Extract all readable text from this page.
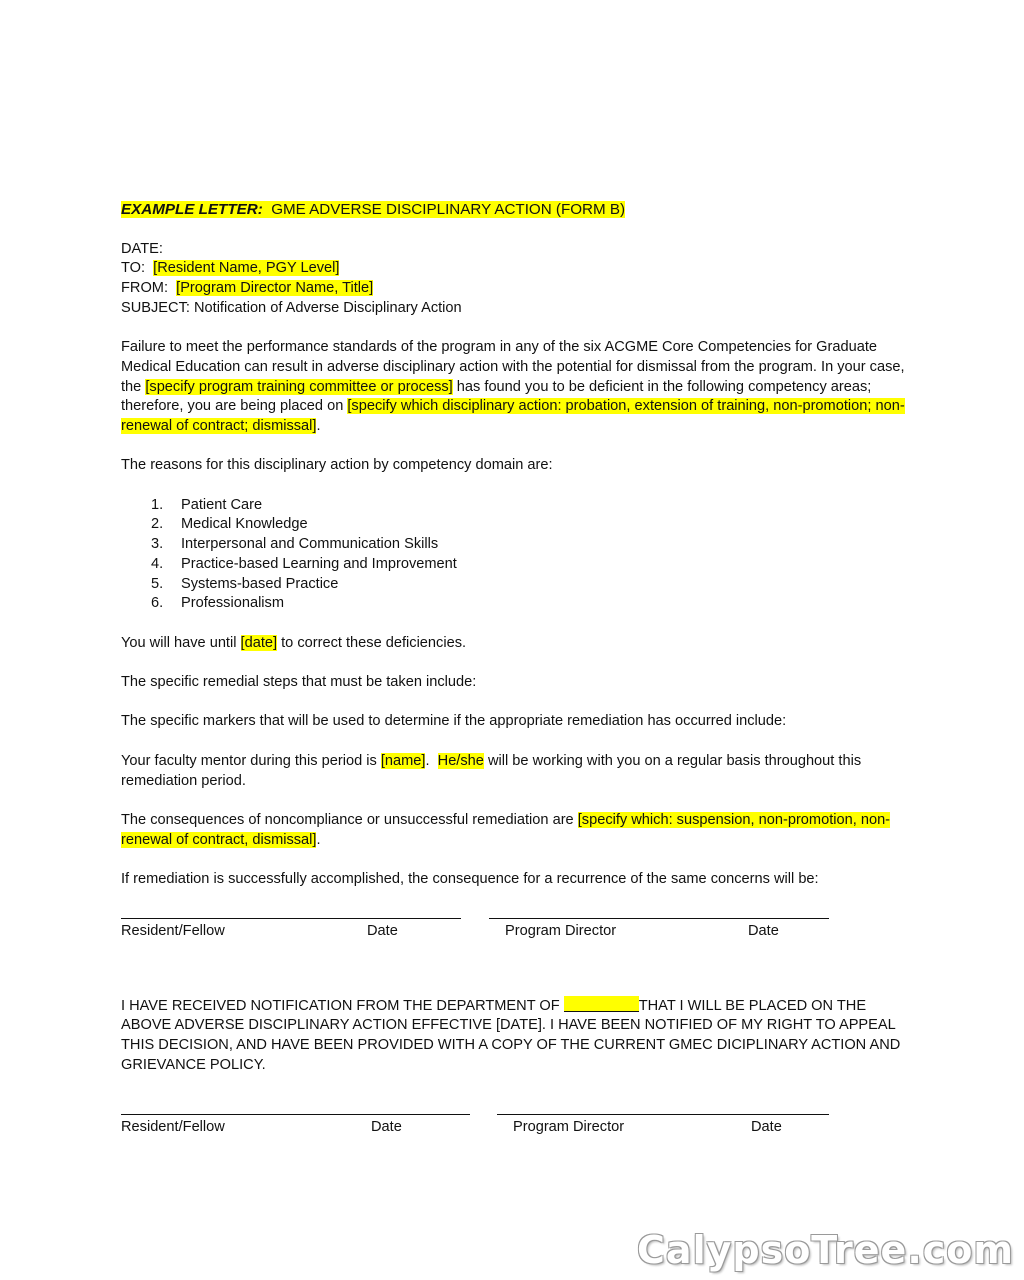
EXAMPLE LETTER:  GME ADVERSE DISCIPLINARY ACTION (FORM B)

DATE:

TO: [Resident Name, PGY Level]

FROM: [Program Director Name, Title]

SUBJECT: Notification of Adverse Disciplinary Action

Failure to meet the performance standards of the program in any of the six ACGME Core Competencies for Graduate Medical Education can result in adverse disciplinary action with the potential for dismissal from the program. In your case, the [specify program training committee or process] has found you to be deficient in the following competency areas; therefore, you are being placed on [specify which disciplinary action: probation, extension of training, non-promotion; non-renewal of contract; dismissal].

The reasons for this disciplinary action by competency domain are:

1.	Patient Care
2.	Medical Knowledge
3.	Interpersonal and Communication Skills
4.	Practice-based Learning and Improvement
5.	Systems-based Practice
6.	Professionalism

You will have until [date] to correct these deficiencies.

The specific remedial steps that must be taken include:

The specific markers that will be used to determine if the appropriate remediation has occurred include:

Your faculty mentor during this period is [name].  He/she will be working with you on a regular basis throughout this remediation period.

The consequences of noncompliance or unsuccessful remediation are [specify which: suspension, non-promotion, non-renewal of contract, dismissal].

If remediation is successfully accomplished, the consequence for a recurrence of the same concerns will be:

Resident/Fellow	Date	Program Director	Date

I HAVE RECEIVED NOTIFICATION FROM THE DEPARTMENT OF	THAT I WILL BE PLACED ON THE ABOVE ADVERSE DISCIPLINARY ACTION EFFECTIVE [DATE]. I HAVE BEEN NOTIFIED OF MY RIGHT TO APPEAL THIS DECISION, AND HAVE BEEN PROVIDED WITH A COPY OF THE CURRENT GMEC DICIPLINARY ACTION AND GRIEVANCE POLICY.

Resident/Fellow	Date	Program Director	Date
CalypsoTree.com
